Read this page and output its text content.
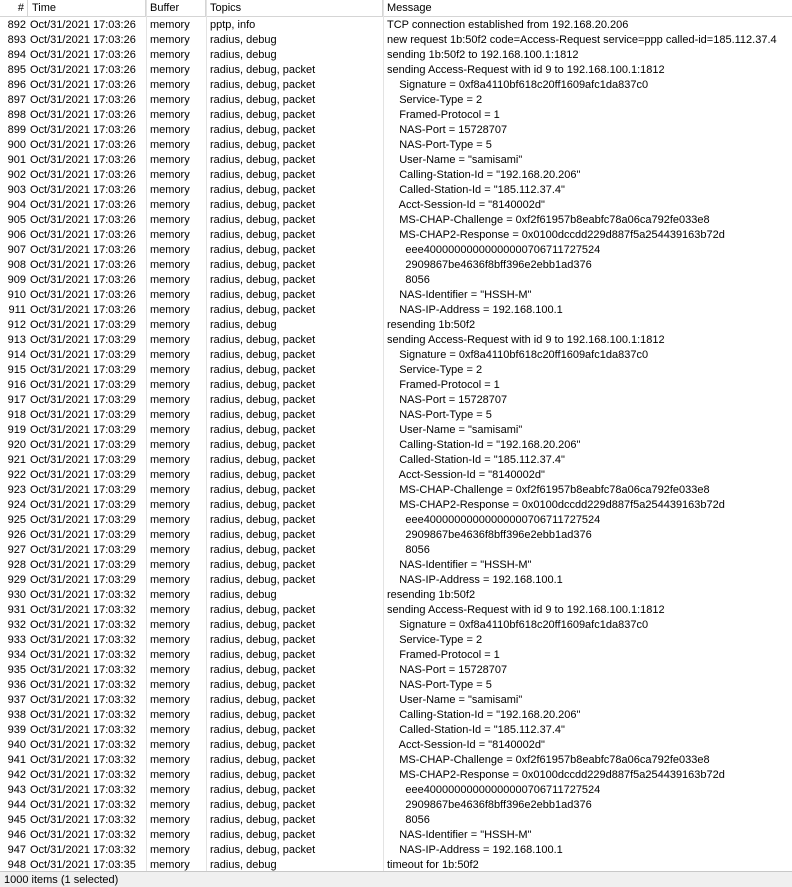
# Time	Buffer	Topics	Message
892 Oct/31/2021 17:03:26	memory	pptp, info	TCP connection established from 192.168.20.206
893 Oct/31/2021 17:03:26	memory	radius, debug	new request 1b:50f2 code=Access-Request service=ppp called-id=185.112.37.4
894 Oct/31/2021 17:03:26	memory	radius, debug	sending 1b:50f2 to 192.168.100.1:1812
895 Oct/31/2021 17:03:26	memory	radius, debug, packet	sending Access-Request with id 9 to 192.168.100.1:1812
896 Oct/31/2021 17:03:26	memory	radius, debug, packet	Signature = 0xf8a4110bf618c20ff1609afc1da837c0
897 Oct/31/2021 17:03:26	memory	radius, debug, packet	Service-Type = 2
898 Oct/31/2021 17:03:26	memory	radius, debug, packet	Framed-Protocol = 1
899 Oct/31/2021 17:03:26	memory	radius, debug, packet	NAS-Port = 15728707
900 Oct/31/2021 17:03:26	memory	radius, debug, packet	NAS-Port-Type = 5
901 Oct/31/2021 17:03:26	memory	radius, debug, packet	User-Name = "samisami"
902 Oct/31/2021 17:03:26	memory	radius, debug, packet	Calling-Station-Id = "192.168.20.206"
903 Oct/31/2021 17:03:26	memory	radius, debug, packet	Called-Station-Id = "185.112.37.4"
904 Oct/31/2021 17:03:26	memory	radius, debug, packet	Acct-Session-Id = "8140002d"
905 Oct/31/2021 17:03:26	memory	radius, debug, packet	MS-CHAP-Challenge = 0xf2f61957b8eabfc78a06ca792fe033e8
906 Oct/31/2021 17:03:26	memory	radius, debug, packet	MS-CHAP2-Response = 0x0100dccdd229d887f5a254439163b72d
907 Oct/31/2021 17:03:26	memory	radius, debug, packet	eee40000000000000000706711727524
908 Oct/31/2021 17:03:26	memory	radius, debug, packet	2909867be4636f8bff396e2ebb1ad376
909 Oct/31/2021 17:03:26	memory	radius, debug, packet	8056
910 Oct/31/2021 17:03:26	memory	radius, debug, packet	NAS-Identifier = "HSSH-M"
911 Oct/31/2021 17:03:26	memory	radius, debug, packet	NAS-IP-Address = 192.168.100.1
912 Oct/31/2021 17:03:29	memory	radius, debug	resending 1b:50f2
913 Oct/31/2021 17:03:29	memory	radius, debug, packet	sending Access-Request with id 9 to 192.168.100.1:1812
914 Oct/31/2021 17:03:29	memory	radius, debug, packet	Signature = 0xf8a4110bf618c20ff1609afc1da837c0
915 Oct/31/2021 17:03:29	memory	radius, debug, packet	Service-Type = 2
916 Oct/31/2021 17:03:29	memory	radius, debug, packet	Framed-Protocol = 1
917 Oct/31/2021 17:03:29	memory	radius, debug, packet	NAS-Port = 15728707
918 Oct/31/2021 17:03:29	memory	radius, debug, packet	NAS-Port-Type = 5
919 Oct/31/2021 17:03:29	memory	radius, debug, packet	User-Name = "samisami"
920 Oct/31/2021 17:03:29	memory	radius, debug, packet	Calling-Station-Id = "192.168.20.206"
921 Oct/31/2021 17:03:29	memory	radius, debug, packet	Called-Station-Id = "185.112.37.4"
922 Oct/31/2021 17:03:29	memory	radius, debug, packet	Acct-Session-Id = "8140002d"
923 Oct/31/2021 17:03:29	memory	radius, debug, packet	MS-CHAP-Challenge = 0xf2f61957b8eabfc78a06ca792fe033e8
924 Oct/31/2021 17:03:29	memory	radius, debug, packet	MS-CHAP2-Response = 0x0100dccdd229d887f5a254439163b72d
925 Oct/31/2021 17:03:29	memory	radius, debug, packet	eee40000000000000000706711727524
926 Oct/31/2021 17:03:29	memory	radius, debug, packet	2909867be4636f8bff396e2ebb1ad376
927 Oct/31/2021 17:03:29	memory	radius, debug, packet	8056
928 Oct/31/2021 17:03:29	memory	radius, debug, packet	NAS-Identifier = "HSSH-M"
929 Oct/31/2021 17:03:29	memory	radius, debug, packet	NAS-IP-Address = 192.168.100.1
930 Oct/31/2021 17:03:32	memory	radius, debug	resending 1b:50f2
931 Oct/31/2021 17:03:32	memory	radius, debug, packet	sending Access-Request with id 9 to 192.168.100.1:1812
932 Oct/31/2021 17:03:32	memory	radius, debug, packet	Signature = 0xf8a4110bf618c20ff1609afc1da837c0
933 Oct/31/2021 17:03:32	memory	radius, debug, packet	Service-Type = 2
934 Oct/31/2021 17:03:32	memory	radius, debug, packet	Framed-Protocol = 1
935 Oct/31/2021 17:03:32	memory	radius, debug, packet	NAS-Port = 15728707
936 Oct/31/2021 17:03:32	memory	radius, debug, packet	NAS-Port-Type = 5
937 Oct/31/2021 17:03:32	memory	radius, debug, packet	User-Name = "samisami"
938 Oct/31/2021 17:03:32	memory	radius, debug, packet	Calling-Station-Id = "192.168.20.206"
939 Oct/31/2021 17:03:32	memory	radius, debug, packet	Called-Station-Id = "185.112.37.4"
940 Oct/31/2021 17:03:32	memory	radius, debug, packet	Acct-Session-Id = "8140002d"
941 Oct/31/2021 17:03:32	memory	radius, debug, packet	MS-CHAP-Challenge = 0xf2f61957b8eabfc78a06ca792fe033e8
942 Oct/31/2021 17:03:32	memory	radius, debug, packet	MS-CHAP2-Response = 0x0100dccdd229d887f5a254439163b72d
943 Oct/31/2021 17:03:32	memory	radius, debug, packet	eee40000000000000000706711727524
944 Oct/31/2021 17:03:32	memory	radius, debug, packet	2909867be4636f8bff396e2ebb1ad376
945 Oct/31/2021 17:03:32	memory	radius, debug, packet	8056
946 Oct/31/2021 17:03:32	memory	radius, debug, packet	NAS-Identifier = "HSSH-M"
947 Oct/31/2021 17:03:32	memory	radius, debug, packet	NAS-IP-Address = 192.168.100.1
948 Oct/31/2021 17:03:35	memory	radius, debug	timeout for 1b:50f2
1000 items (1 selected)
